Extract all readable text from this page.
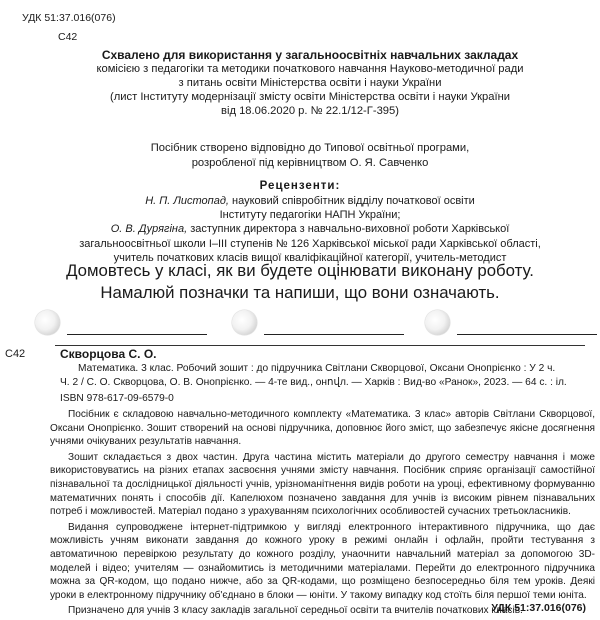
УДК 51:37.016(076)
C42
Схвалено для використання у загальноосвітніх навчальних закладах
комісією з педагогіки та методики початкового навчання Науково-методичної ради
з питань освіти Міністерства освіти і науки України
(лист Інституту модернізації змісту освіти Міністерства освіти і науки України
від 18.06.2020 р. № 22.1/12-Г-395)
Посібник створено відповідно до Типової освітньої програми,
розробленої під керівництвом О. Я. Савченко
Рецензенти:
Н. П. Листопад, науковий співробітник відділу початкової освіти
Інституту педагогіки НАПН України;
О. В. Дурягіна, заступник директора з навчально-виховної роботи Харківської
загальноосвітньої школи І–ІІІ ступенів № 126 Харківської міської ради Харківської області,
учитель початкових класів вищої кваліфікаційної категорії, учитель-методист
Домовтесь у класі, як ви будете оцінювати виконану роботу.
Намалюй позначки та напиши, що вони означають.
C42	Скворцова С. О.
Математика. 3 клас. Робочий зошит : до підручника Світлани Скворцової, Оксани Онопрієнко : У 2 ч.
Ч. 2 / С. О. Скворцова, О. В. Онопрієнко. — 4-те вид., онովл. — Харків : Вид-во «Ранок», 2023. — 64 с. : іл.
ISBN 978-617-09-6579-0

Посібник є складовою навчально-методичного комплекту «Математика. 3 клас» авторів Світлани Скворцової, Оксани Онопрієнко. Зошит створений на основі підручника, доповнює його зміст, що забезпечує якісне досягнення учнями очікуваних результатів навчання.

Зошит складається з двох частин. Друга частина містить матеріали до другого семестру навчання і може використовуватись на різних етапах засвоєння учнями змісту навчання. Посібник сприяє організації самостійної пізнавальної та дослідницької діяльності учнів, урізноманітнення видів роботи на уроці, ефективному формуванню математичних понять і способів дії. Капелюхом позначено завдання для учнів із високим рівнем пізнавальних потреб і можливостей. Матеріал подано з урахуванням психологічних особливостей сучасних третьокласників.

Видання супроводжене інтернет-підтримкою у вигляді електронного інтерактивного підручника, що дає можливість учням виконати завдання до кожного уроку в режимі онлайн і офлайн, пройти тестування з автоматичною перевіркою результату до кожного розділу, унаочнити навчальний матеріал за допомогою 3D-моделей і відео; учителям — ознайомитись із методичними матеріалами. Перейти до електронного підручника можна за QR-кодом, що подано нижче, або за QR-кодами, що розміщено безпосередньо біля тем уроків. Деякі уроки в електронному підручнику об'єднано в блоки — юніти. У такому випадку код стоїть біля першої теми юніта.

Призначено для учнів 3 класу закладів загальної середньої освіти та вчителів початкових класів.

УДК 51:37.016(076)
